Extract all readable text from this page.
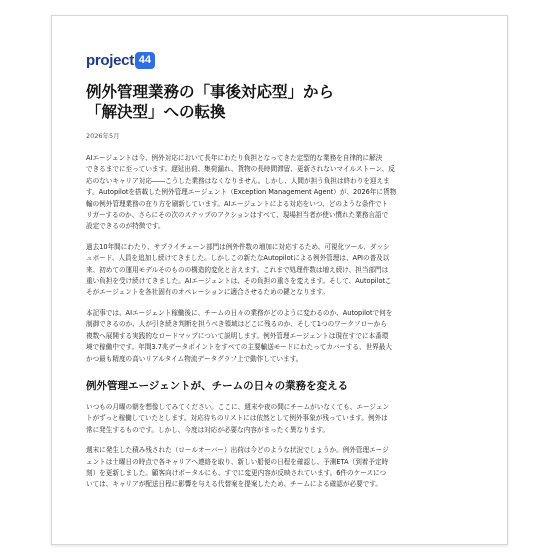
project 44
例外管理業務の「事後対応型」から
「解決型」への転換
2026年5月

AIエージェントは今、例外対応において長年にわたり負担となってきた定型的な業務を自律的に解決
できるまでに至っています。遅延出荷、集荷漏れ、貨物の長時間滞留、更新されないマイルストーン、反
応のないキャリア対応――こうした業務はなくなりません。しかし、人間が担う負担は終わりを迎えま
す。Autopilotを搭載した例外管理エージェント（Exception Management Agent）が、2026年に貨物
輸の例外管理業務の在り方を刷新しています。AIエージェントによる対応をいつ、どのような条件でト
リガーするのか、さらにその次のステップのアクションはすべて、現場担当者が使い慣れた業務言語で
設定できるのが特徴です。

過去10年間にわたり、サプライチェーン部門は例外件数の増加に対応するため、可視化ツール、ダッシ
ュボード、人員を追加し続けてきました。しかしこの新たなAutopilotによる例外管理は、APIの普及以
来、初めての運用モデルそのものの構造的変化と言えます。これまで処理件数は増え続け、担当部門は
重い負担を受け続けてきました。AIエージェントは、その負担の重さを変えます。そして、Autopilotこ
そがエージェントを各社固有のオペレーションに適合させるための鍵となります。

本記事では、AIエージェント稼働後に、チームの日々の業務がどのように変わるのか、Autopilotで何を
制御できるのか、人が引き続き判断を担うべき領域はどこに残るのか、そして1つのワークフローから
複数へ展開する実践的なロードマップについて説明します。例外管理エージェントは現在すでに本番環
境で稼働中です。年間3.7兆データポイントをすべての主要輸送モードにわたってカバーする、世界最大
かつ最も精度の高いリアルタイム物流データグラフ上で動作しています。

例外管理エージェントが、チームの日々の業務を変える

いつもの月曜の朝を想像してみてください。ここに、週末や夜の間にチームがいなくても、エージェン
トがずっと稼働していたとします。対応待ちのリストには依然として例外事象が残っています。例外は
常に発生するものです。しかし、今度は対応が必要な内容がまったく異なります。

週末に発生した積み残された（ロールオーバー）出荷は今どのような状況でしょうか。例外管理エージ
ェントは土曜日の時点で各キャリアへ連絡を取り、新しい船便の日程を確認し、予測ETA（到着予定時
刻）を更新しました。顧客向けポータルにも、すでに変更内容が反映されています。6件のケースにつ
いては、キャリアが配送日程に影響を与える代替案を提案したため、チームによる確認が必要です。
